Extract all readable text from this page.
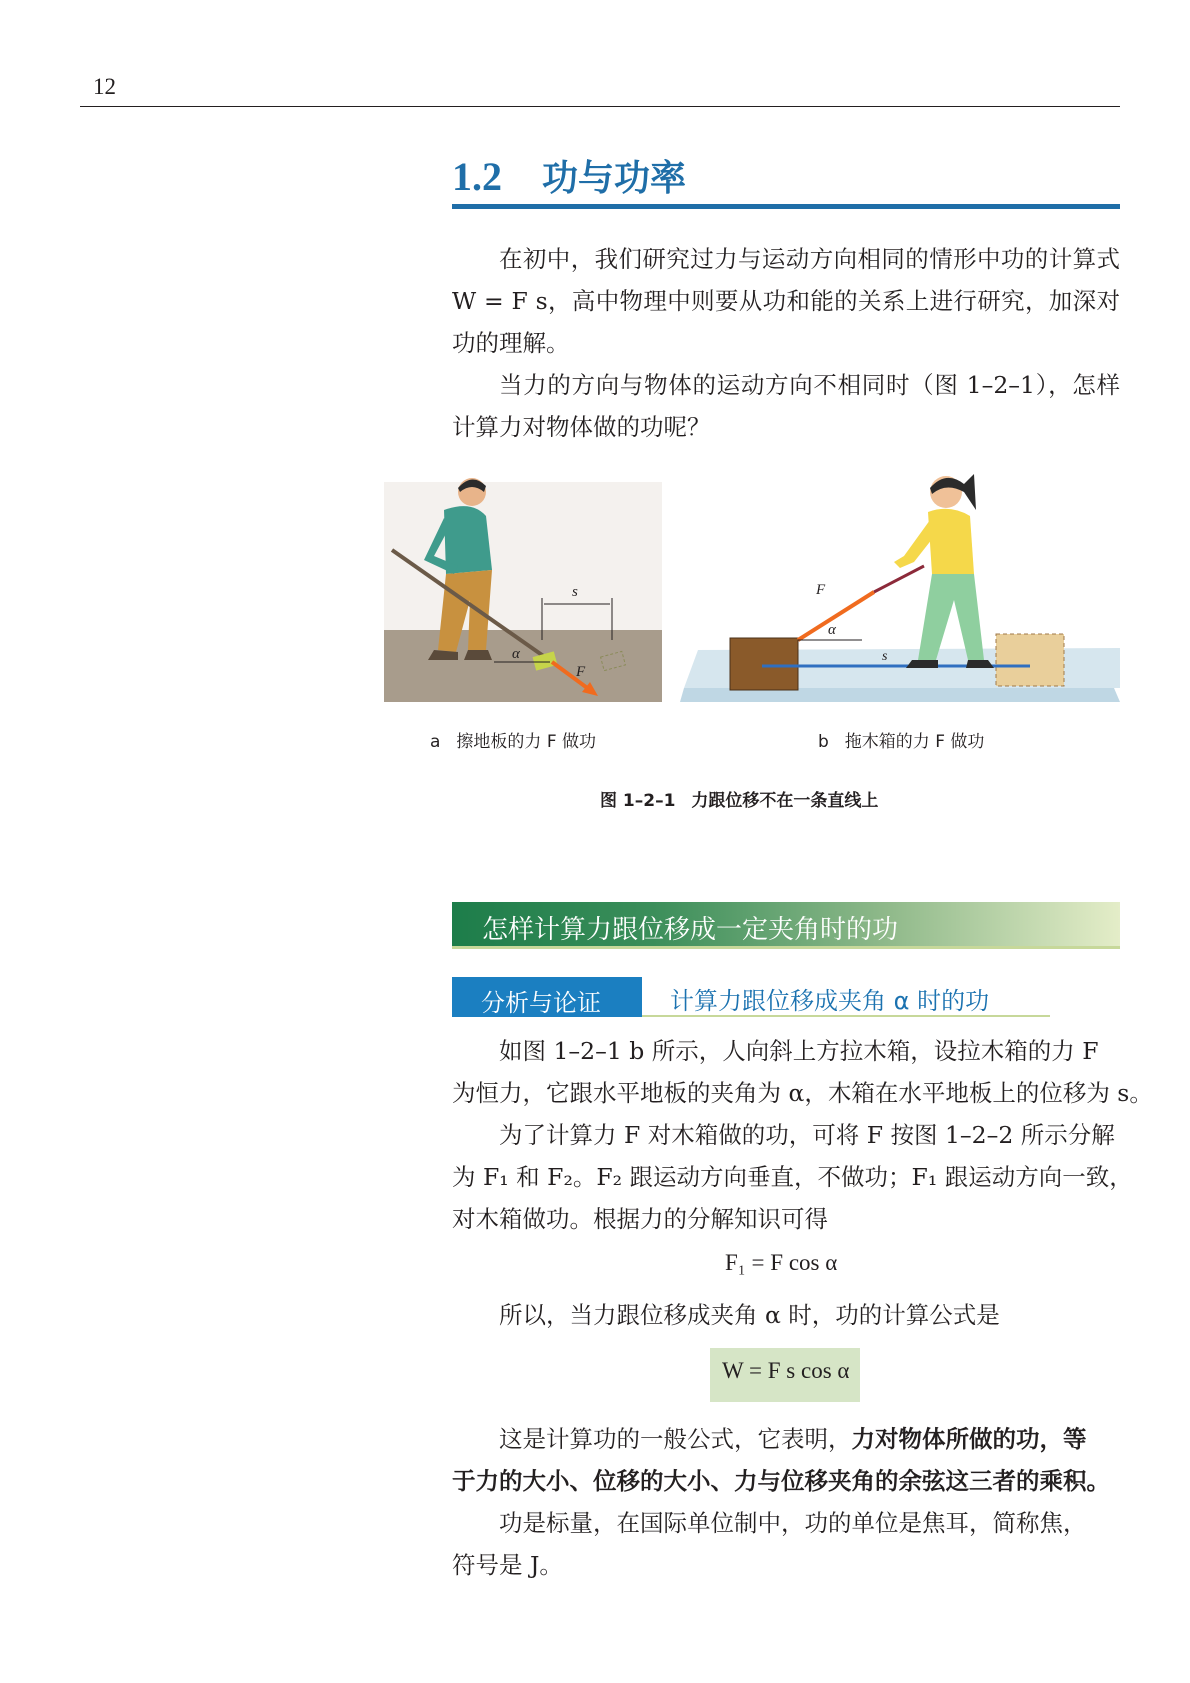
12
1.2 功与功率

在初中，我们研究过力与运动方向相同的情形中功的计算式 W = F s，高中物理中则要从功和能的关系上进行研究，加深对功的理解。

当力的方向与物体的运动方向不相同时（图 1–2–1），怎样计算力对物体做的功呢？

s
α
F
α
F
s
a 擦地板的力 F 做功	b 拖木箱的力 F 做功
图 1–2–1 力跟位移不在一条直线上
怎样计算力跟位移成一定夹角时的功
分析与论证	计算力跟位移成夹角 α 时的功
如图 1–2–1 b 所示，人向斜上方拉木箱，设拉木箱的力 F
为恒力，它跟水平地板的夹角为 α，木箱在水平地板上的位移为 s。
为了计算力 F 对木箱做的功，可将 F 按图 1–2–2 所示分解
为 F₁ 和 F₂。F₂ 跟运动方向垂直，不做功；F₁ 跟运动方向一致，
对木箱做功。根据力的分解知识可得
F₁ = F cos α
所以，当力跟位移成夹角 α 时，功的计算公式是
W = F s cos α
这是计算功的一般公式，它表明，力对物体所做的功，等
于力的大小、位移的大小、力与位移夹角的余弦这三者的乘积。
功是标量，在国际单位制中，功的单位是焦耳，简称焦，
符号是 J。
